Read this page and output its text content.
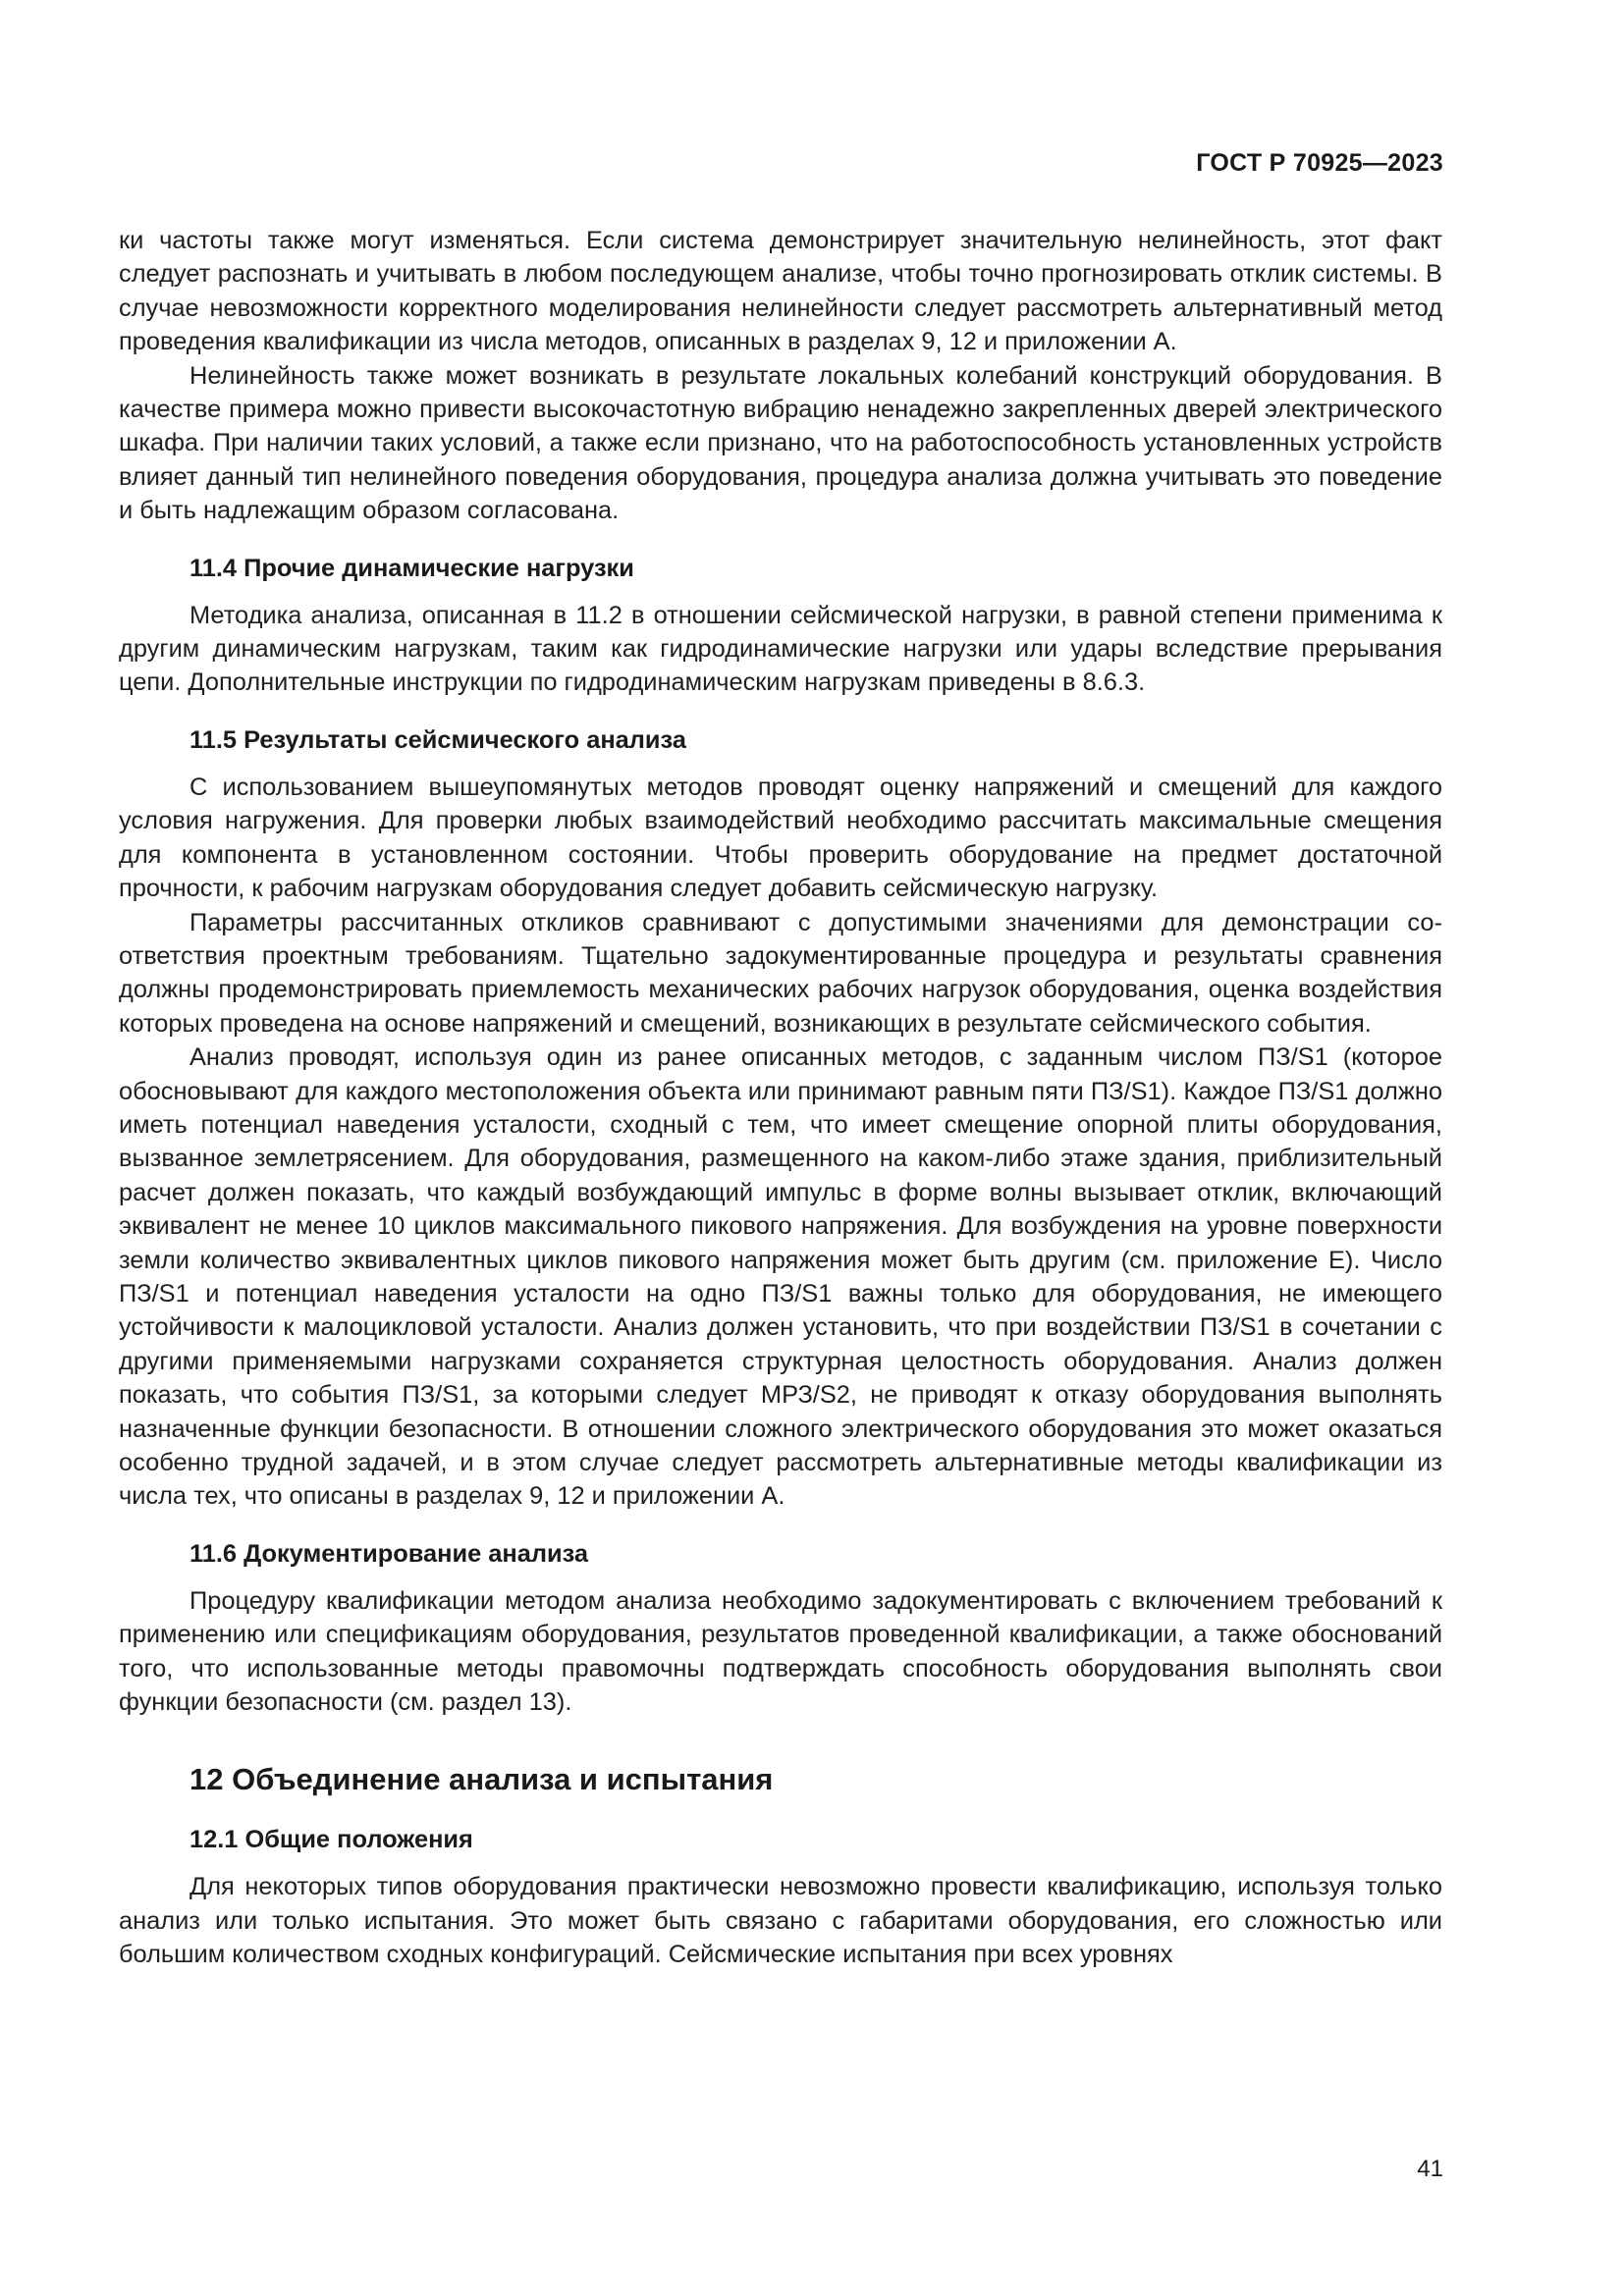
ГОСТ Р 70925—2023

ки частоты также могут изменяться. Если система демонстрирует значительную нелинейность, этот факт следует распознать и учитывать в любом последующем анализе, чтобы точно прогнозировать отклик системы. В случае невозможности корректного моделирования нелинейности следует рассмотреть альтернативный метод проведения квалификации из числа методов, описанных в разделах 9, 12 и приложении А.

Нелинейность также может возникать в результате локальных колебаний конструкций оборудования. В качестве примера можно привести высокочастотную вибрацию ненадежно закрепленных дверей электрического шкафа. При наличии таких условий, а также если признано, что на работоспособность установленных устройств влияет данный тип нелинейного поведения оборудования, процедура анализа должна учитывать это поведение и быть надлежащим образом согласована.

11.4 Прочие динамические нагрузки

Методика анализа, описанная в 11.2 в отношении сейсмической нагрузки, в равной степени применима к другим динамическим нагрузкам, таким как гидродинамические нагрузки или удары вследствие прерывания цепи. Дополнительные инструкции по гидродинамическим нагрузкам приведены в 8.6.3.

11.5 Результаты сейсмического анализа

С использованием вышеупомянутых методов проводят оценку напряжений и смещений для каждого условия нагружения. Для проверки любых взаимодействий необходимо рассчитать максимальные смещения для компонента в установленном состоянии. Чтобы проверить оборудование на предмет достаточной прочности, к рабочим нагрузкам оборудования следует добавить сейсмическую нагрузку.

Параметры рассчитанных откликов сравнивают с допустимыми значениями для демонстрации соответствия проектным требованиям. Тщательно задокументированные процедура и результаты сравнения должны продемонстрировать приемлемость механических рабочих нагрузок оборудования, оценка воздействия которых проведена на основе напряжений и смещений, возникающих в результате сейсмического события.

Анализ проводят, используя один из ранее описанных методов, с заданным числом ПЗ/S1 (которое обосновывают для каждого местоположения объекта или принимают равным пяти ПЗ/S1). Каждое ПЗ/S1 должно иметь потенциал наведения усталости, сходный с тем, что имеет смещение опорной плиты оборудования, вызванное землетрясением. Для оборудования, размещенного на каком-либо этаже здания, приблизительный расчет должен показать, что каждый возбуждающий импульс в форме волны вызывает отклик, включающий эквивалент не менее 10 циклов максимального пикового напряжения. Для возбуждения на уровне поверхности земли количество эквивалентных циклов пикового напряжения может быть другим (см. приложение Е). Число ПЗ/S1 и потенциал наведения усталости на одно ПЗ/S1 важны только для оборудования, не имеющего устойчивости к малоцикловой усталости. Анализ должен установить, что при воздействии ПЗ/S1 в сочетании с другими применяемыми нагрузками сохраняется структурная целостность оборудования. Анализ должен показать, что события ПЗ/S1, за которыми следует МРЗ/S2, не приводят к отказу оборудования выполнять назначенные функции безопасности. В отношении сложного электрического оборудования это может оказаться особенно трудной задачей, и в этом случае следует рассмотреть альтернативные методы квалификации из числа тех, что описаны в разделах 9, 12 и приложении А.

11.6 Документирование анализа

Процедуру квалификации методом анализа необходимо задокументировать с включением требований к применению или спецификациям оборудования, результатов проведенной квалификации, а также обоснований того, что использованные методы правомочны подтверждать способность оборудования выполнять свои функции безопасности (см. раздел 13).

12 Объединение анализа и испытания
12.1 Общие положения

Для некоторых типов оборудования практически невозможно провести квалификацию, используя только анализ или только испытания. Это может быть связано с габаритами оборудования, его сложностью или большим количеством сходных конфигураций. Сейсмические испытания при всех уровнях

41
